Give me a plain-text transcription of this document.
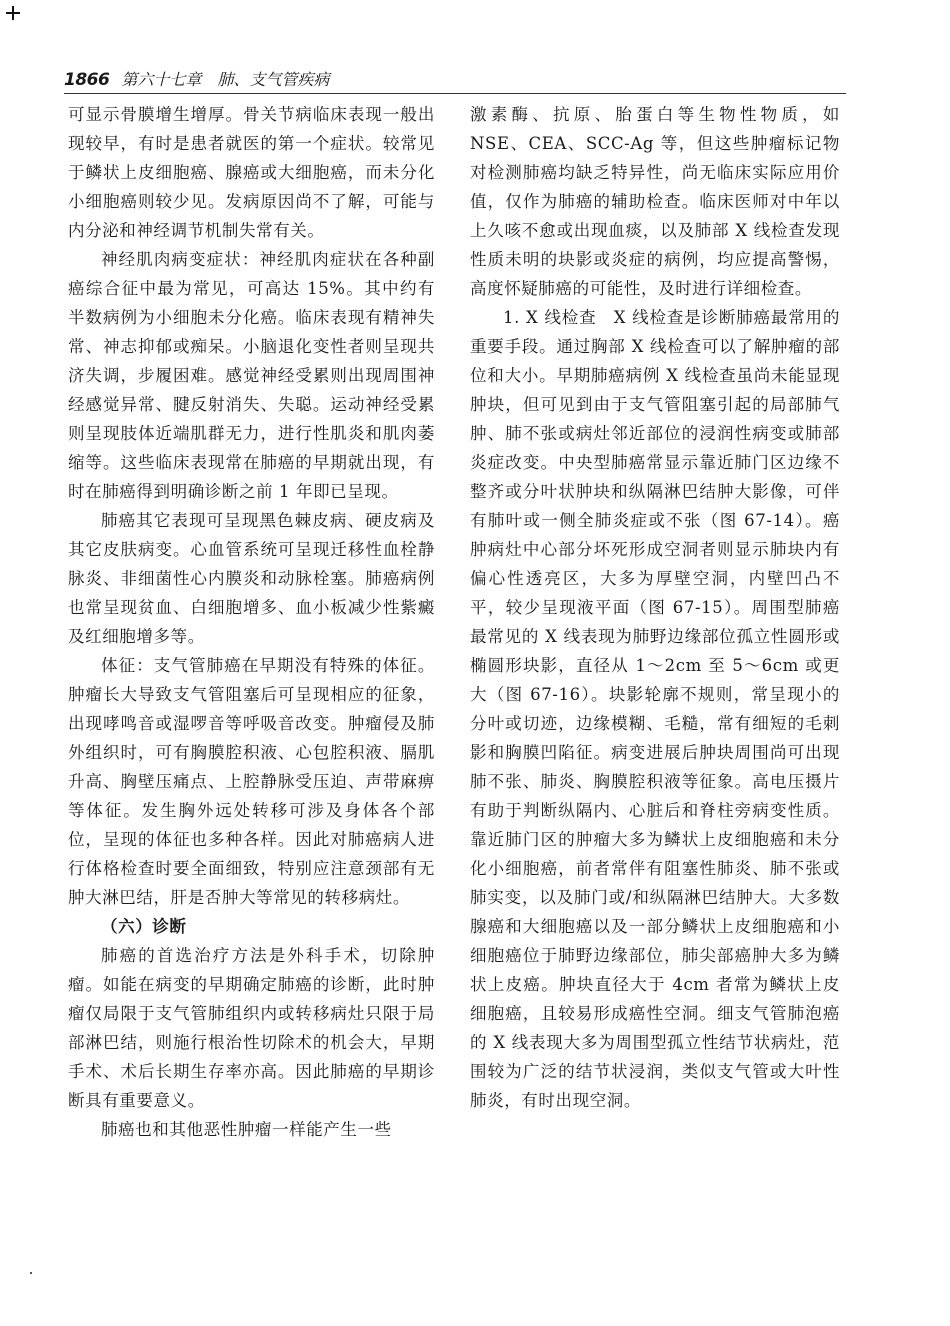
1866 第六十七章　肺、支气管疾病

可显示骨膜增生增厚。骨关节病临床表现一般出现较早，有时是患者就医的第一个症状。较常见于鳞状上皮细胞癌、腺癌或大细胞癌，而未分化小细胞癌则较少见。发病原因尚不了解，可能与内分泌和神经调节机制失常有关。

神经肌肉病变症状：神经肌肉症状在各种副癌综合征中最为常见，可高达 15%。其中约有半数病例为小细胞未分化癌。临床表现有精神失常、神志抑郁或痴呆。小脑退化变性者则呈现共济失调，步履困难。感觉神经受累则出现周围神经感觉异常、腱反射消失、失聪。运动神经受累则呈现肢体近端肌群无力，进行性肌炎和肌肉萎缩等。这些临床表现常在肺癌的早期就出现，有时在肺癌得到明确诊断之前 1 年即已呈现。

肺癌其它表现可呈现黑色棘皮病、硬皮病及其它皮肤病变。心血管系统可呈现迁移性血栓静脉炎、非细菌性心内膜炎和动脉栓塞。肺癌病例也常呈现贫血、白细胞增多、血小板减少性紫癜及红细胞增多等。

体征：支气管肺癌在早期没有特殊的体征。肿瘤长大导致支气管阻塞后可呈现相应的征象，出现哮鸣音或湿啰音等呼吸音改变。肿瘤侵及肺外组织时，可有胸膜腔积液、心包腔积液、膈肌升高、胸壁压痛点、上腔静脉受压迫、声带麻痹等体征。发生胸外远处转移可涉及身体各个部位，呈现的体征也多种各样。因此对肺癌病人进行体格检查时要全面细致，特别应注意颈部有无肿大淋巴结，肝是否肿大等常见的转移病灶。

（六）诊断

肺癌的首选治疗方法是外科手术，切除肿瘤。如能在病变的早期确定肺癌的诊断，此时肿瘤仅局限于支气管肺组织内或转移病灶只限于局部淋巴结，则施行根治性切除术的机会大，早期手术、术后长期生存率亦高。因此肺癌的早期诊断具有重要意义。

肺癌也和其他恶性肿瘤一样能产生一些

激素酶、抗原、胎蛋白等生物性物质，如 NSE、CEA、SCC-Ag 等，但这些肿瘤标记物对检测肺癌均缺乏特异性，尚无临床实际应用价值，仅作为肺癌的辅助检查。临床医师对中年以上久咳不愈或出现血痰，以及肺部 X 线检查发现性质未明的块影或炎症的病例，均应提高警惕，高度怀疑肺癌的可能性，及时进行详细检查。

1. X 线检查　X 线检查是诊断肺癌最常用的重要手段。通过胸部 X 线检查可以了解肿瘤的部位和大小。早期肺癌病例 X 线检查虽尚未能显现肿块，但可见到由于支气管阻塞引起的局部肺气肿、肺不张或病灶邻近部位的浸润性病变或肺部炎症改变。中央型肺癌常显示靠近肺门区边缘不整齐或分叶状肿块和纵隔淋巴结肿大影像，可伴有肺叶或一侧全肺炎症或不张（图 67-14）。癌肿病灶中心部分坏死形成空洞者则显示肺块内有偏心性透亮区，大多为厚壁空洞，内壁凹凸不平，较少呈现液平面（图 67-15）。周围型肺癌最常见的 X 线表现为肺野边缘部位孤立性圆形或椭圆形块影，直径从 1～2cm 至 5～6cm 或更大（图 67-16）。块影轮廓不规则，常呈现小的分叶或切迹，边缘模糊、毛糙，常有细短的毛刺影和胸膜凹陷征。病变进展后肿块周围尚可出现肺不张、肺炎、胸膜腔积液等征象。高电压摄片有助于判断纵隔内、心脏后和脊柱旁病变性质。靠近肺门区的肿瘤大多为鳞状上皮细胞癌和未分化小细胞癌，前者常伴有阻塞性肺炎、肺不张或肺实变，以及肺门或/和纵隔淋巴结肿大。大多数腺癌和大细胞癌以及一部分鳞状上皮细胞癌和小细胞癌位于肺野边缘部位，肺尖部癌肿大多为鳞状上皮癌。肿块直径大于 4cm 者常为鳞状上皮细胞癌，且较易形成癌性空洞。细支气管肺泡癌的 X 线表现大多为周围型孤立性结节状病灶，范围较为广泛的结节状浸润，类似支气管或大叶性肺炎，有时出现空洞。
